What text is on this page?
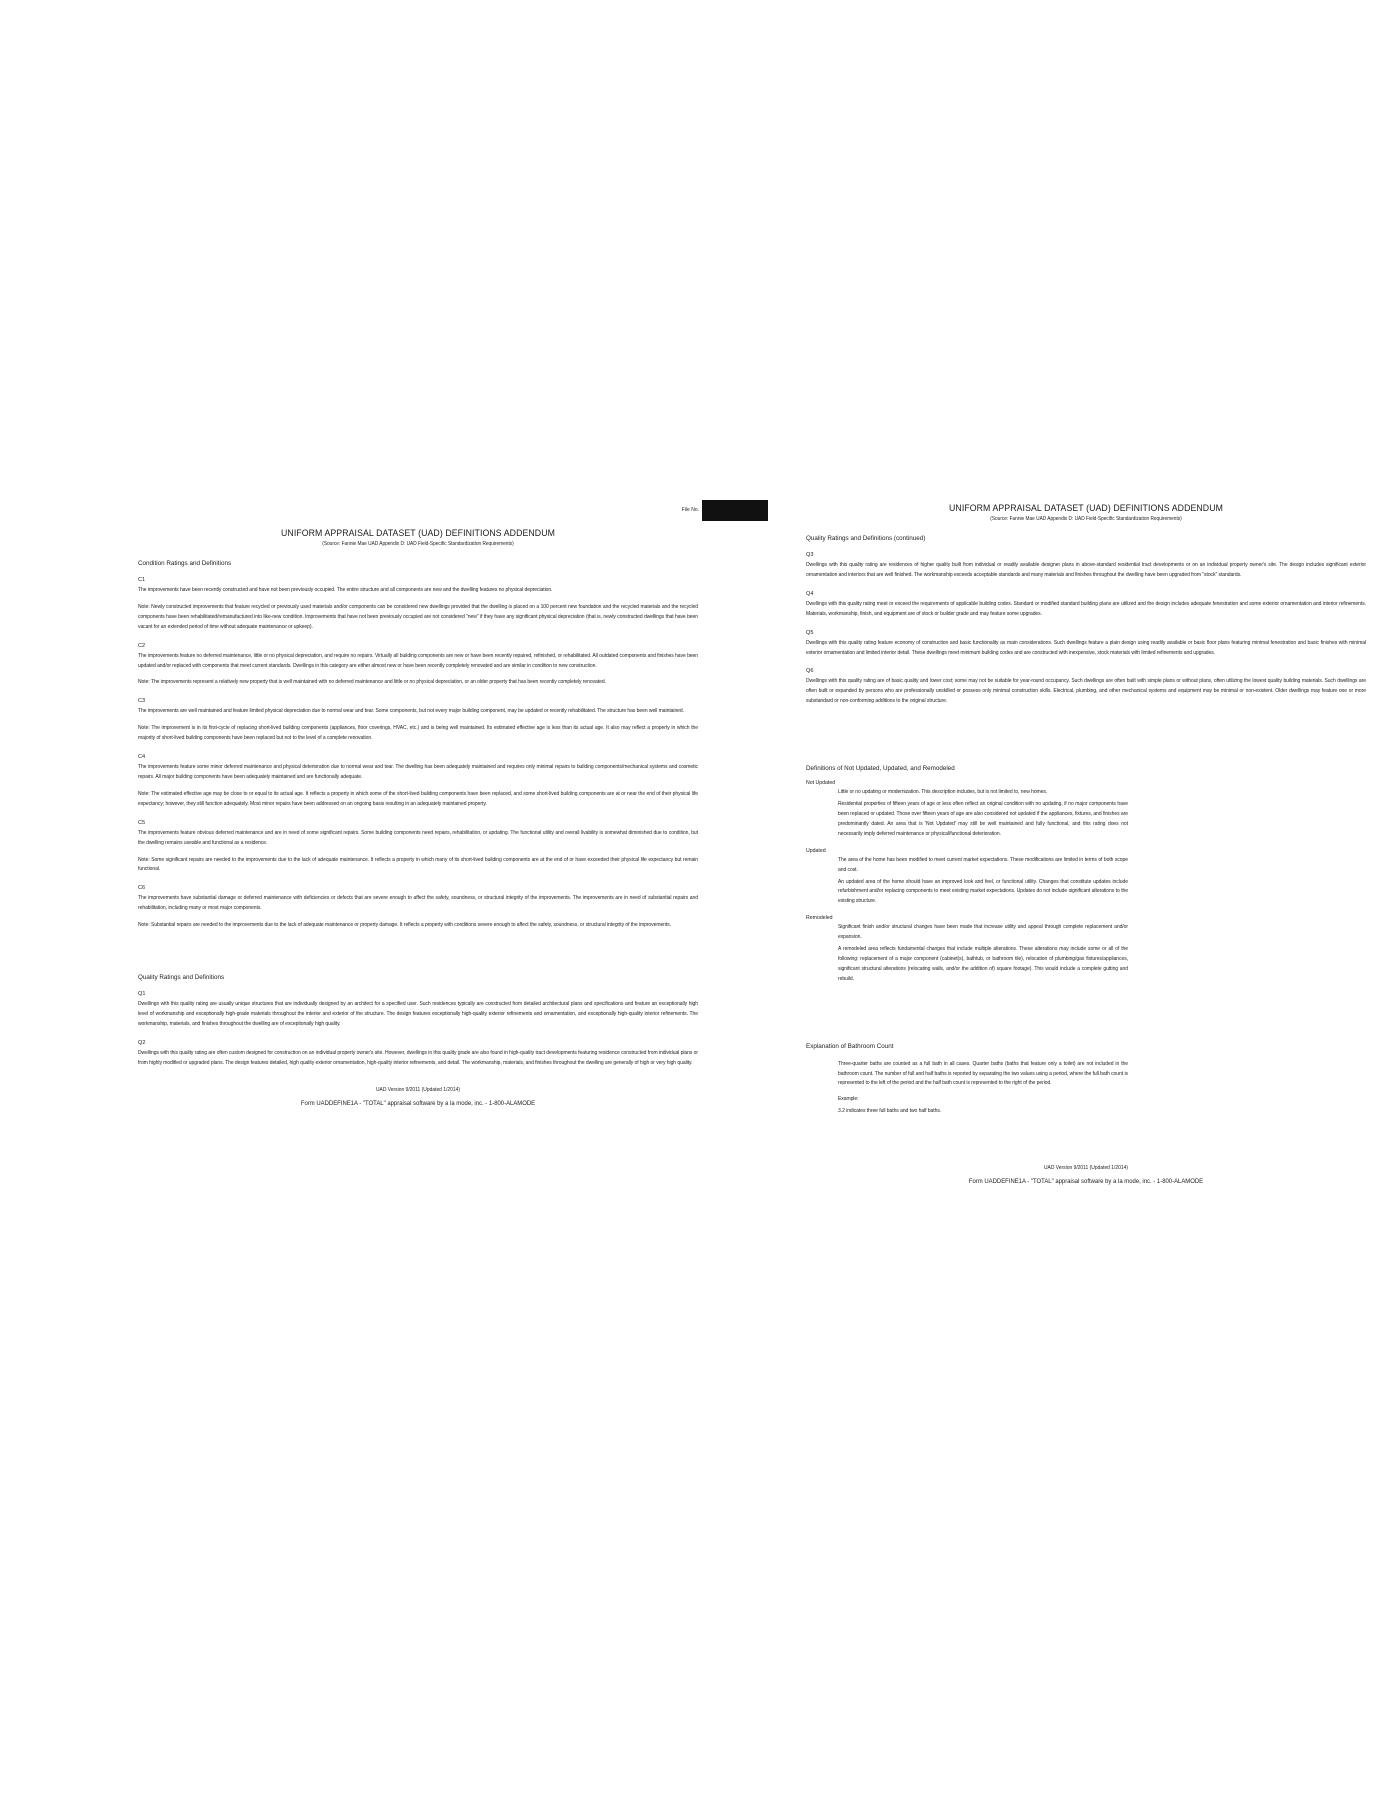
File No.
UNIFORM APPRAISAL DATASET (UAD) DEFINITIONS ADDENDUM
(Source: Fannie Mae UAD Appendix D: UAD Field-Specific Standardization Requirements)
Condition Ratings and Definitions
C1
The improvements have been recently constructed and have not been previously occupied. The entire structure and all components are new and the dwelling features no physical depreciation.
Note: Newly constructed improvements that feature recycled or previously used materials and/or components can be considered new dwellings provided that the dwelling is placed on a 100 percent new foundation and the recycled materials and the recycled components have been rehabilitated/remanufactured into like-new condition. Improvements that have not been previously occupied are not considered "new" if they have any significant physical depreciation (that is, newly constructed dwellings that have been vacant for an extended period of time without adequate maintenance or upkeep).
C2
The improvements feature no deferred maintenance, little or no physical depreciation, and require no repairs. Virtually all building components are new or have been recently repaired, refinished, or rehabilitated. All outdated components and finishes have been updated and/or replaced with components that meet current standards. Dwellings in this category are either almost new or have been recently completely renovated and are similar in condition to new construction.
Note: The improvements represent a relatively new property that is well maintained with no deferred maintenance and little or no physical depreciation, or an older property that has been recently completely renovated.
C3
The improvements are well maintained and feature limited physical depreciation due to normal wear and tear. Some components, but not every major building component, may be updated or recently rehabilitated. The structure has been well maintained.
Note: The improvement is in its first-cycle of replacing short-lived building components (appliances, floor coverings, HVAC, etc.) and is being well maintained. Its estimated effective age is less than its actual age. It also may reflect a property in which the majority of short-lived building components have been replaced but not to the level of a complete renovation.
C4
The improvements feature some minor deferred maintenance and physical deterioration due to normal wear and tear. The dwelling has been adequately maintained and requires only minimal repairs to building components/mechanical systems and cosmetic repairs. All major building components have been adequately maintained and are functionally adequate.
Note: The estimated effective age may be close to or equal to its actual age. It reflects a property in which some of the short-lived building components have been replaced, and some short-lived building components are at or near the end of their physical life expectancy; however, they still function adequately. Most minor repairs have been addressed on an ongoing basis resulting in an adequately maintained property.
C5
The improvements feature obvious deferred maintenance and are in need of some significant repairs. Some building components need repairs, rehabilitation, or updating. The functional utility and overall livability is somewhat diminished due to condition, but the dwelling remains useable and functional as a residence.
Note: Some significant repairs are needed to the improvements due to the lack of adequate maintenance. It reflects a property in which many of its short-lived building components are at the end of or have exceeded their physical life expectancy but remain functional.
C6
The improvements have substantial damage or deferred maintenance with deficiencies or defects that are severe enough to affect the safety, soundness, or structural integrity of the improvements. The improvements are in need of substantial repairs and rehabilitation, including many or most major components.
Note: Substantial repairs are needed to the improvements due to the lack of adequate maintenance or property damage. It reflects a property with conditions severe enough to affect the safety, soundness, or structural integrity of the improvements.
Quality Ratings and Definitions
Q1
Dwellings with this quality rating are usually unique structures that are individually designed by an architect for a specified user. Such residences typically are constructed from detailed architectural plans and specifications and feature an exceptionally high level of workmanship and exceptionally high-grade materials throughout the interior and exterior of the structure. The design features exceptionally high-quality exterior refinements and ornamentation, and exceptionally high-quality interior refinements. The workmanship, materials, and finishes throughout the dwelling are of exceptionally high quality.
Q2
Dwellings with this quality rating are often custom designed for construction on an individual property owner's site. However, dwellings in this quality grade are also found in high-quality tract developments featuring residence constructed from individual plans or from highly modified or upgraded plans. The design features detailed, high quality exterior ornamentation, high-quality interior refinements, and detail. The workmanship, materials, and finishes throughout the dwelling are generally of high or very high quality.
UAD Version 9/2011 (Updated 1/2014)
Form UADDEFINE1A - "TOTAL" appraisal software by a la mode, inc. - 1-800-ALAMODE
UNIFORM APPRAISAL DATASET (UAD) DEFINITIONS ADDENDUM
(Source: Fannie Mae UAD Appendix D: UAD Field-Specific Standardization Requirements)
Quality Ratings and Definitions (continued)
Q3
Dwellings with this quality rating are residences of higher quality built from individual or readily available designer plans in above-standard residential tract developments or on an individual property owner's site. The design includes significant exterior ornamentation and interiors that are well finished. The workmanship exceeds acceptable standards and many materials and finishes throughout the dwelling have been upgraded from "stock" standards.
Q4
Dwellings with this quality rating meet or exceed the requirements of applicable building codes. Standard or modified standard building plans are utilized and the design includes adequate fenestration and some exterior ornamentation and interior refinements. Materials, workmanship, finish, and equipment are of stock or builder grade and may feature some upgrades.
Q5
Dwellings with this quality rating feature economy of construction and basic functionality as main considerations. Such dwellings feature a plain design using readily available or basic floor plans featuring minimal fenestration and basic finishes with minimal exterior ornamentation and limited interior detail. These dwellings meet minimum building codes and are constructed with inexpensive, stock materials with limited refinements and upgrades.
Q6
Dwellings with this quality rating are of basic quality and lower cost; some may not be suitable for year-round occupancy. Such dwellings are often built with simple plans or without plans, often utilizing the lowest quality building materials. Such dwellings are often built or expanded by persons who are professionally unskilled or possess only minimal construction skills. Electrical, plumbing, and other mechanical systems and equipment may be minimal or non-existent. Older dwellings may feature one or more substandard or non-conforming additions to the original structure.
Definitions of Not Updated, Updated, and Remodeled
Not Updated
Little or no updating or modernization. This description includes, but is not limited to, new homes.
Residential properties of fifteen years of age or less often reflect an original condition with no updating, if no major components have been replaced or updated. Those over fifteen years of age are also considered not updated if the appliances, fixtures, and finishes are predominantly dated. An area that is 'Not Updated' may still be well maintained and fully functional, and this rating does not necessarily imply deferred maintenance or physical/functional deterioration.
Updated
The area of the home has been modified to meet current market expectations. These modifications are limited in terms of both scope and cost.
An updated area of the home should have an improved look and feel, or functional utility. Changes that constitute updates include refurbishment and/or replacing components to meet existing market expectations. Updates do not include significant alterations to the existing structure.
Remodeled
Significant finish and/or structural changes have been made that increase utility and appeal through complete replacement and/or expansion.
A remodeled area reflects fundamental changes that include multiple alterations. These alterations may include some or all of the following: replacement of a major component (cabinet(s), bathtub, or bathroom tile), relocation of plumbing/gas fixtures/appliances, significant structural alterations (relocating walls, and/or the addition of) square footage). This would include a complete gutting and rebuild.
Explanation of Bathroom Count
Three-quarter baths are counted as a full bath in all cases. Quarter baths (baths that feature only a toilet) are not included in the bathroom count. The number of full and half baths is reported by separating the two values using a period, where the full bath count is represented to the left of the period and the half bath count is represented to the right of the period.
Example:
3.2 indicates three full baths and two half baths.
UAD Version 9/2011 (Updated 1/2014)
Form UADDEFINE1A - "TOTAL" appraisal software by a la mode, inc. - 1-800-ALAMODE
